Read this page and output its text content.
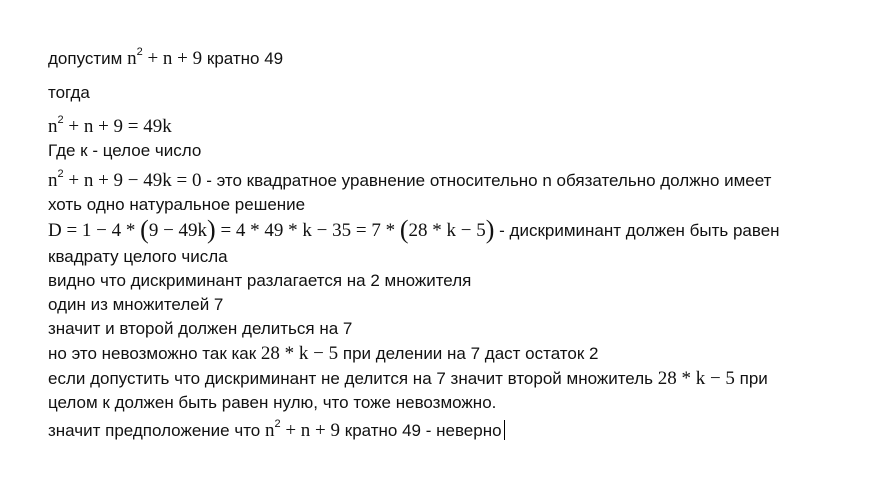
допустим $n^2 + n + 9$ кратно 49
тогда
$n^2 + n + 9 = 49k$
Где к - целое число
$n^2 + n + 9 - 49k = 0$ - это квадратное уравнение относительно n обязательно должно имеет
хоть одно натуральное решение
D = 1 − 4 * (9 − 49k) = 4 * 49 * k − 35 = 7 * (28 * k − 5) - дискриминант должен быть равен
квадрату целого числа
видно что дискриминант разлагается на 2 множителя
один из множителей 7
значит и второй должен делиться на 7
но это невозможно так как 28 * k − 5 при делении на 7 даст остаток 2
если допустить что дискриминант не делится на 7 значит второй множитель 28 * k − 5 при
целом к должен быть равен нулю, что тоже невозможно.
значит предположение что $n^2 + n + 9$ кратно 49 - неверно
